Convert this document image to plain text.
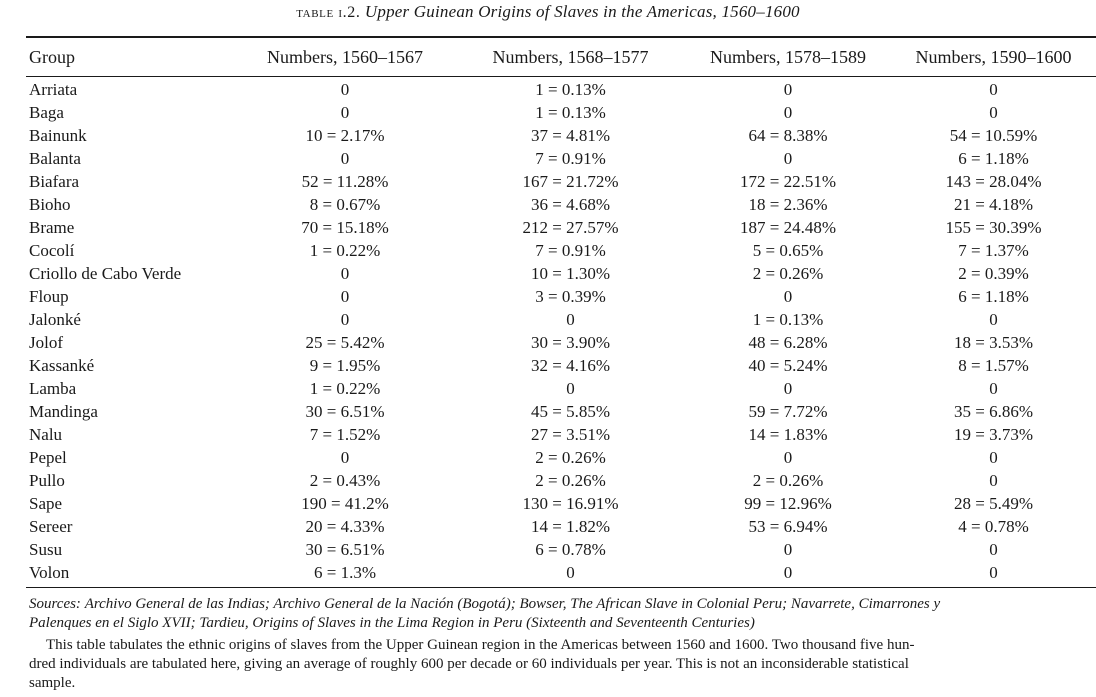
table i.2. Upper Guinean Origins of Slaves in the Americas, 1560–1600
Group	Numbers, 1560–1567	Numbers, 1568–1577	Numbers, 1578–1589	Numbers, 1590–1600
Arriata	0	1 = 0.13%	0	0
Baga	0	1 = 0.13%	0	0
Bainunk	10 = 2.17%	37 = 4.81%	64 = 8.38%	54 = 10.59%
Balanta	0	7 = 0.91%	0	6 = 1.18%
Biafara	52 = 11.28%	167 = 21.72%	172 = 22.51%	143 = 28.04%
Bioho	8 = 0.67%	36 = 4.68%	18 = 2.36%	21 = 4.18%
Brame	70 = 15.18%	212 = 27.57%	187 = 24.48%	155 = 30.39%
Cocolí	1 = 0.22%	7 = 0.91%	5 = 0.65%	7 = 1.37%
Criollo de Cabo Verde	0	10 = 1.30%	2 = 0.26%	2 = 0.39%
Floup	0	3 = 0.39%	0	6 = 1.18%
Jalonké	0	0	1 = 0.13%	0
Jolof	25 = 5.42%	30 = 3.90%	48 = 6.28%	18 = 3.53%
Kassanké	9 = 1.95%	32 = 4.16%	40 = 5.24%	8 = 1.57%
Lamba	1 = 0.22%	0	0	0
Mandinga	30 = 6.51%	45 = 5.85%	59 = 7.72%	35 = 6.86%
Nalu	7 = 1.52%	27 = 3.51%	14 = 1.83%	19 = 3.73%
Pepel	0	2 = 0.26%	0	0
Pullo	2 = 0.43%	2 = 0.26%	2 = 0.26%	0
Sape	190 = 41.2%	130 = 16.91%	99 = 12.96%	28 = 5.49%
Sereer	20 = 4.33%	14 = 1.82%	53 = 6.94%	4 = 0.78%
Susu	30 = 6.51%	6 = 0.78%	0	0
Volon	6 = 1.3%	0	0	0
Sources: Archivo General de las Indias; Archivo General de la Nación (Bogotá); Bowser, The African Slave in Colonial Peru; Navarrete, Cimarrones y
Palenques en el Siglo XVII; Tardieu, Origins of Slaves in the Lima Region in Peru (Sixteenth and Seventeenth Centuries)
This table tabulates the ethnic origins of slaves from the Upper Guinean region in the Americas between 1560 and 1600. Two thousand five hun-
dred individuals are tabulated here, giving an average of roughly 600 per decade or 60 individuals per year. This is not an inconsiderable statistical
sample.
